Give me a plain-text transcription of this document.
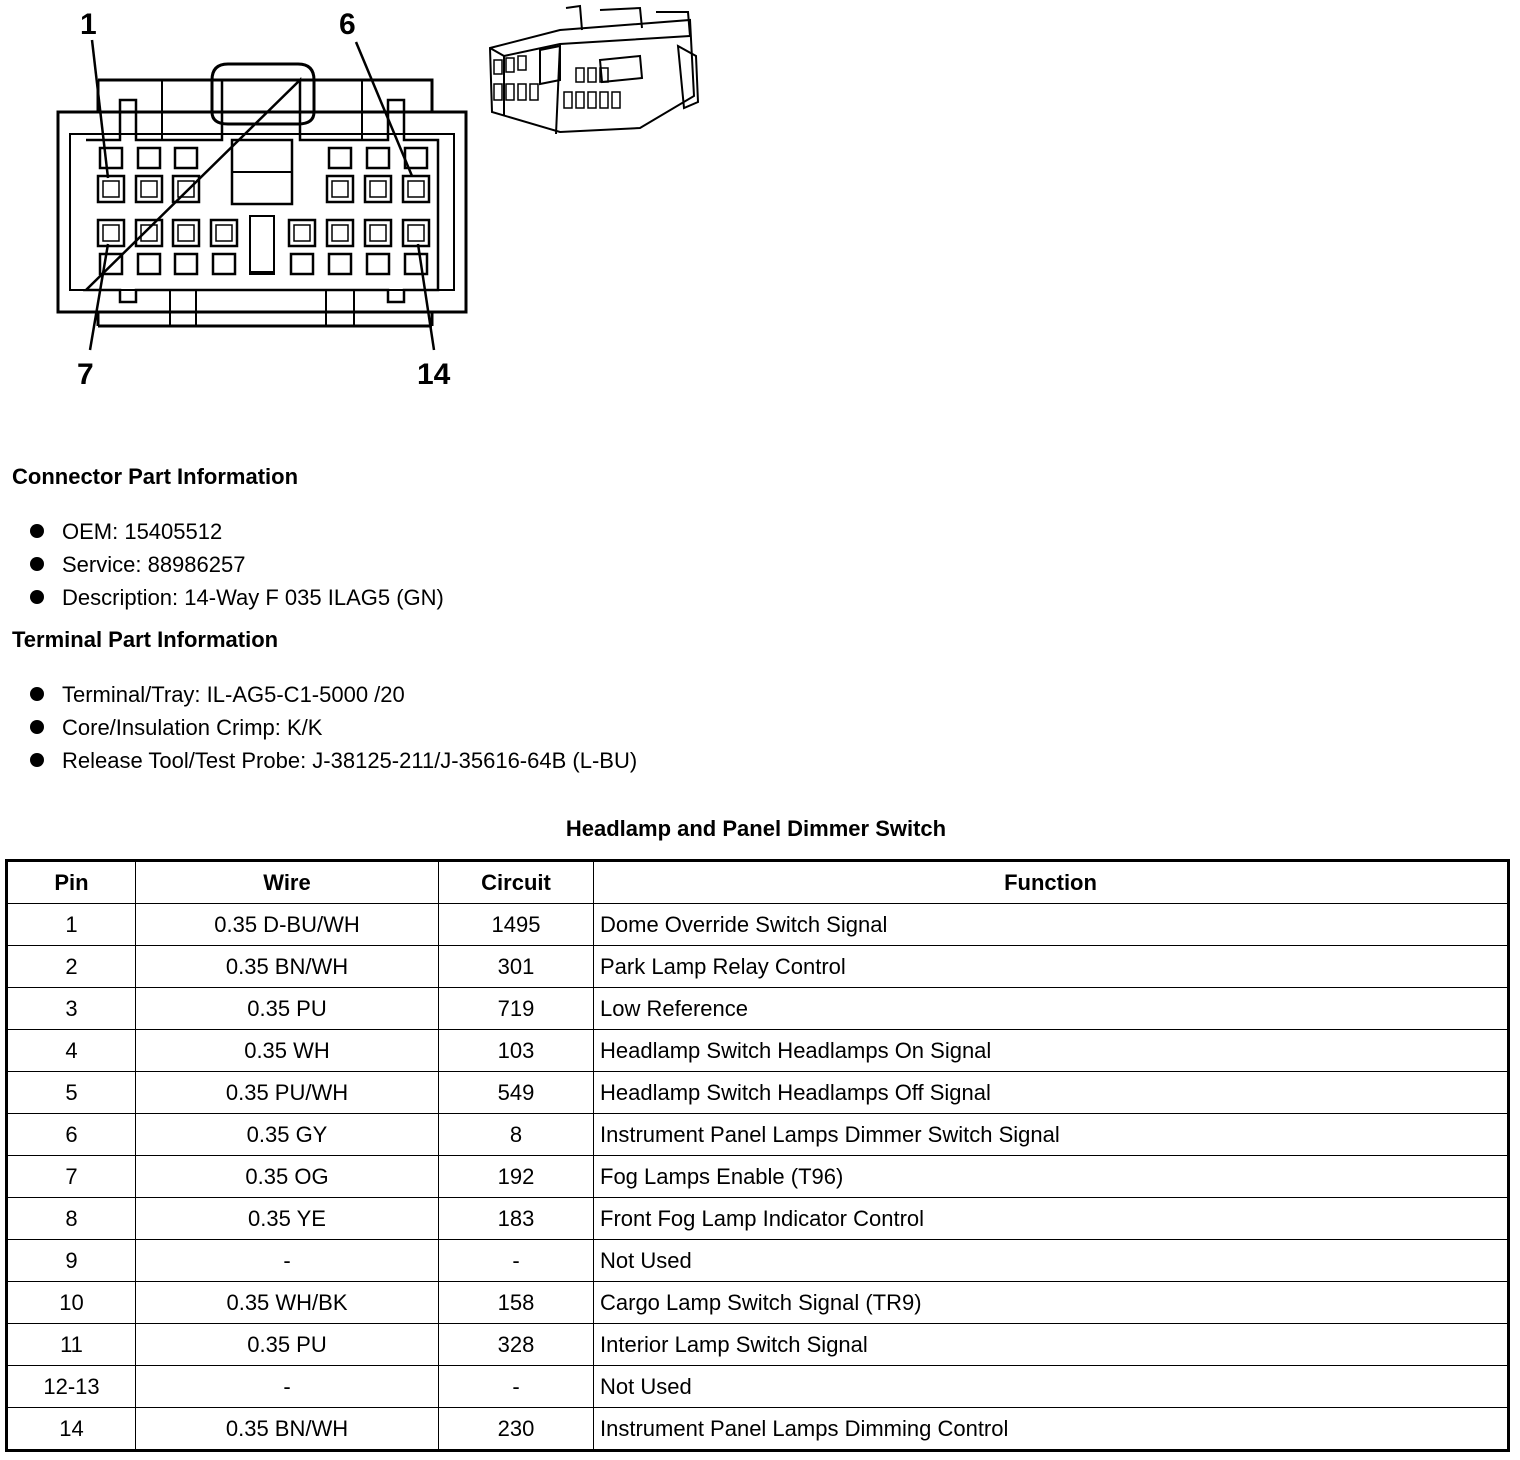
1	6
7	14
Connector Part Information
OEM: 15405512
Service: 88986257
Description: 14-Way F 035 ILAG5 (GN)
Terminal Part Information
Terminal/Tray: IL-AG5-C1-5000 /20
Core/Insulation Crimp: K/K
Release Tool/Test Probe: J-38125-211/J-35616-64B (L-BU)
Headlamp and Panel Dimmer Switch
Pin	Wire	Circuit	Function
1	0.35 D-BU/WH	1495	Dome Override Switch Signal
2	0.35 BN/WH	301	Park Lamp Relay Control
3	0.35 PU	719	Low Reference
4	0.35 WH	103	Headlamp Switch Headlamps On Signal
5	0.35 PU/WH	549	Headlamp Switch Headlamps Off Signal
6	0.35 GY	8	Instrument Panel Lamps Dimmer Switch Signal
7	0.35 OG	192	Fog Lamps Enable (T96)
8	0.35 YE	183	Front Fog Lamp Indicator Control
9	-	-	Not Used
10	0.35 WH/BK	158	Cargo Lamp Switch Signal (TR9)
11	0.35 PU	328	Interior Lamp Switch Signal
12-13	-	-	Not Used
14	0.35 BN/WH	230	Instrument Panel Lamps Dimming Control
